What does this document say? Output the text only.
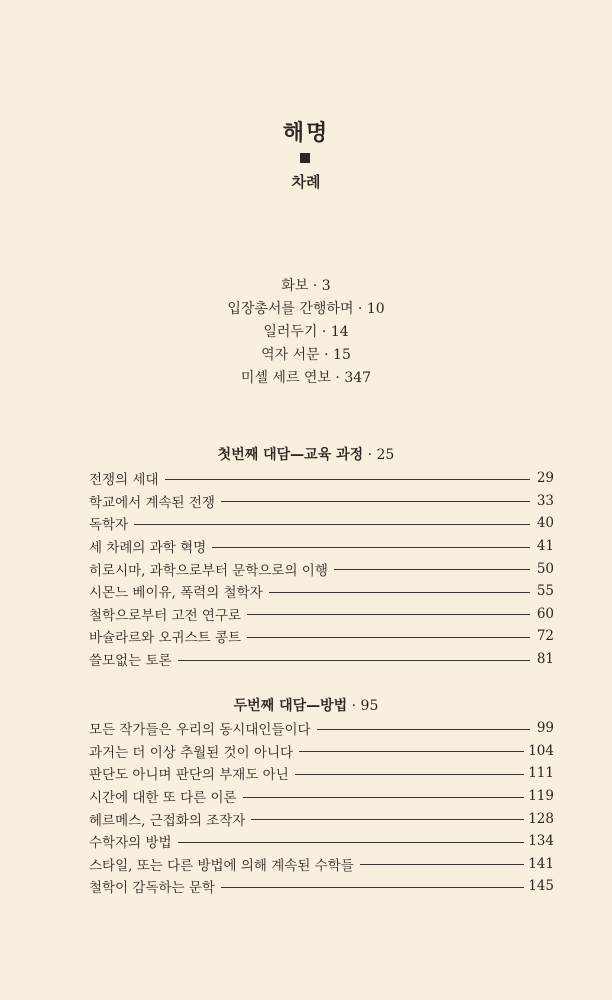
해명
차례
화보 · 3
입장총서를 간행하며 · 10
일러두기 · 14
역자 서문 · 15
미셸 세르 연보 · 347
첫번째 대담—교육 과정 · 25
전쟁의 세대	29
학교에서 계속된 전쟁	33
독학자	40
세 차례의 과학 혁명	41
히로시마, 과학으로부터 문학으로의 이행	50
시몬느 베이유, 폭력의 철학자	55
철학으로부터 고전 연구로	60
바슐라르와 오귀스트 콩트	72
쓸모없는 토론	81
두번째 대담—방법 · 95
모든 작가들은 우리의 동시대인들이다	99
과거는 더 이상 추월된 것이 아니다	104
판단도 아니며 판단의 부재도 아닌	111
시간에 대한 또 다른 이론	119
헤르메스, 근접화의 조작자	128
수학자의 방법	134
스타일, 또는 다른 방법에 의해 계속된 수학들	141
철학이 감독하는 문학	145
